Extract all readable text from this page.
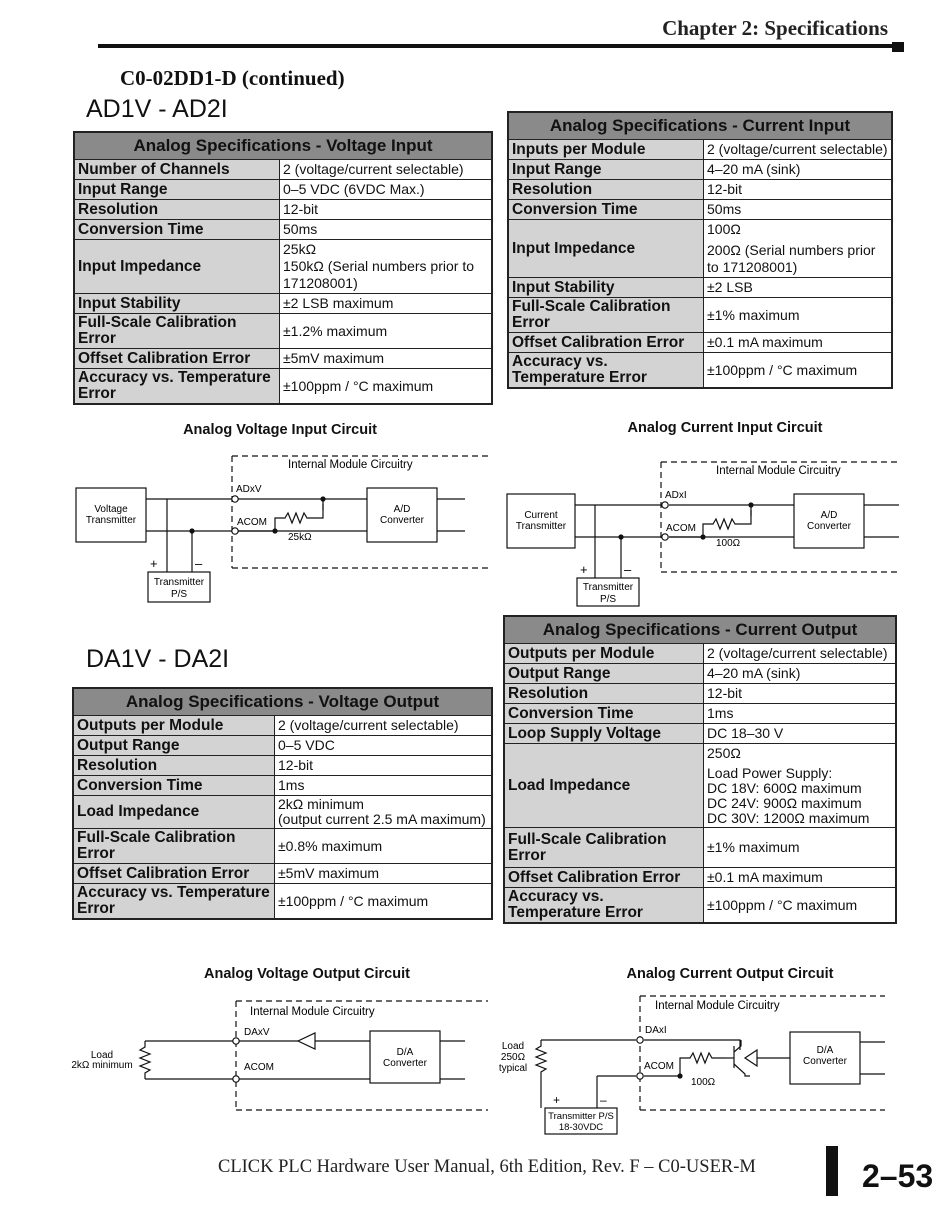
Chapter 2: Specifications
C0-02DD1-D (continued)
AD1V - AD2I
DA1V - DA2I
Analog Specifications - Voltage Input	
Number of Channels	2 (voltage/current selectable)
Input Range	0–5 VDC (6VDC Max.)
Resolution	12-bit
Conversion Time	50ms
Input Impedance	25kΩ
150kΩ (Serial numbers prior to 171208001)

Input Stability	±2 LSB maximum
Full-Scale Calibration Error	±1.2% maximum
Offset Calibration Error	±5mV maximum
Accuracy vs. Temperature Error	±100ppm / °C maximum
Analog Specifications - Current Input	
Inputs per Module	2 (voltage/current selectable)
Input Range	4–20 mA (sink)
Resolution	12-bit
Conversion Time	50ms
Input Impedance	100Ω
200Ω (Serial numbers prior to 171208001)

Input Stability	±2 LSB
Full-Scale Calibration Error	±1% maximum
Offset Calibration Error	±0.1 mA maximum
Accuracy vs. Temperature Error	±100ppm / °C maximum
Analog Voltage Input Circuit
Internal Module Circuitry
Voltage
Transmitter
A/D
Converter
Transmitter
P/S
+	–
ADxV
ACOM
25kΩ
Analog Current Input Circuit
Internal Module Circuitry
Current
Transmitter
A/D
Converter
Transmitter
P/S
+	–
ADxI
ACOM
100Ω
Analog Specifications - Current Output	
Outputs per Module	2 (voltage/current selectable)
Output Range	4–20 mA (sink)
Resolution	12-bit
Conversion Time	1ms
Loop Supply Voltage	DC 18–30 V
Load Impedance	250Ω
Load Power Supply:
DC 18V: 600Ω maximum
DC 24V: 900Ω maximum
DC 30V: 1200Ω maximum

Full-Scale Calibration Error	±1% maximum
Offset Calibration Error	±0.1 mA maximum
Accuracy vs. Temperature Error	±100ppm / °C maximum
Analog Specifications - Voltage Output	
Outputs per Module	2 (voltage/current selectable)
Output Range	0–5 VDC
Resolution	12-bit
Conversion Time	1ms
Load Impedance	2kΩ minimum
(output current 2.5 mA maximum)

Full-Scale Calibration Error	±0.8% maximum
Offset Calibration Error	±5mV maximum
Accuracy vs. Temperature Error	±100ppm / °C maximum
Analog Voltage Output Circuit
Internal Module Circuitry
Load
2kΩ minimum
DAxV
ACOM
D/A
Converter
Analog Current Output Circuit
Internal Module Circuitry
Load
250Ω
typical
DAxI
ACOM
100Ω
D/A
Converter
Transmitter P/S
18-30VDC
+	–
CLICK PLC Hardware User Manual, 6th Edition, Rev. F – C0-USER-M	2–53
